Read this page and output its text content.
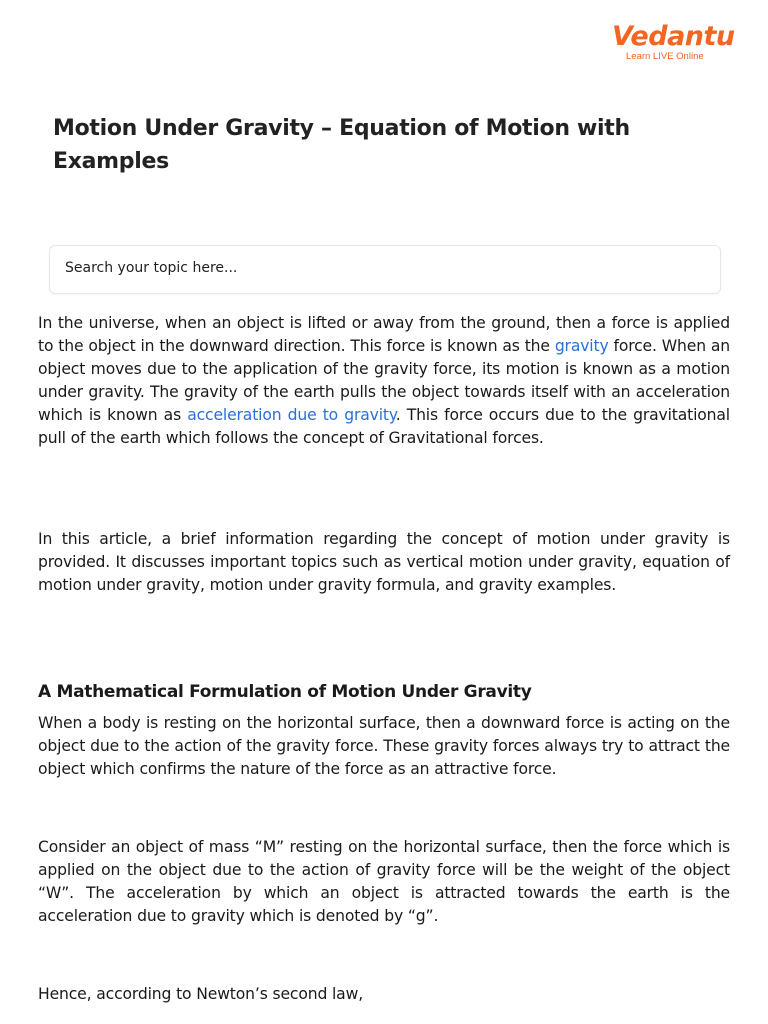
Vedantu
Learn LIVE Online
Motion Under Gravity – Equation of Motion with Examples
Search your topic here...

In the universe, when an object is lifted or away from the ground, then a force is applied to the object in the downward direction. This force is known as the gravity force. When an object moves due to the application of the gravity force, its motion is known as a motion under gravity. The gravity of the earth pulls the object towards itself with an acceleration which is known as acceleration due to gravity. This force occurs due to the gravitational pull of the earth which follows the concept of Gravitational forces.

In this article, a brief information regarding the concept of motion under gravity is provided. It discusses important topics such as vertical motion under gravity, equation of motion under gravity, motion under gravity formula, and gravity examples.

A Mathematical Formulation of Motion Under Gravity

When a body is resting on the horizontal surface, then a downward force is acting on the object due to the action of the gravity force. These gravity forces always try to attract the object which confirms the nature of the force as an attractive force.

Consider an object of mass “M” resting on the horizontal surface, then the force which is applied on the object due to the action of gravity force will be the weight of the object “W”. The acceleration by which an object is attracted towards the earth is the acceleration due to gravity which is denoted by “g”.

Hence, according to Newton’s second law,
